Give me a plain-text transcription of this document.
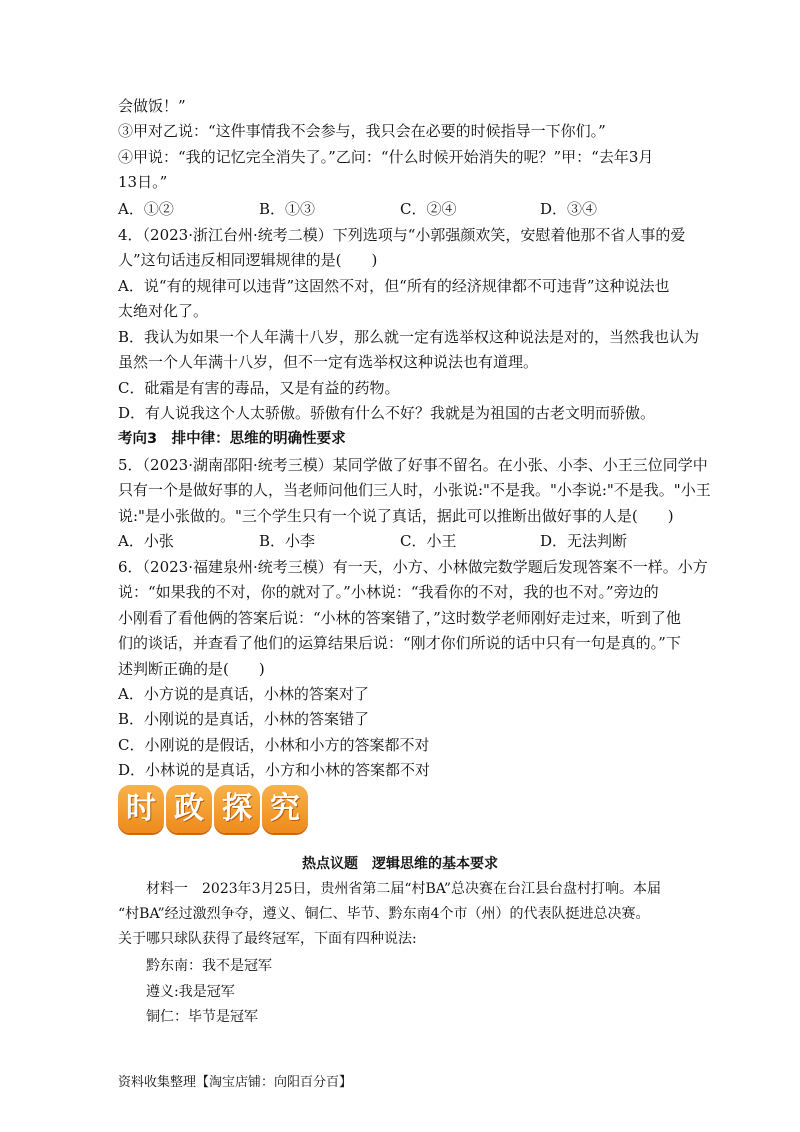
会做饭！”
③甲对乙说：“这件事情我不会参与，我只会在必要的时候指导一下你们。”
④甲说：“我的记忆完全消失了。”乙问：“什么时候开始消失的呢？”甲：“去年3月
13日。”
A．①②	B．①③	C．②④	D．③④
4．（2023·浙江台州·统考二模）下列选项与“小郭强颜欢笑，安慰着他那不省人事的爱
人”这句话违反相同逻辑规律的是(　　)
A．说“有的规律可以违背”这固然不对，但“所有的经济规律都不可违背”这种说法也
太绝对化了。
B．我认为如果一个人年满十八岁，那么就一定有选举权这种说法是对的，当然我也认为
虽然一个人年满十八岁，但不一定有选举权这种说法也有道理。
C．砒霜是有害的毒品，又是有益的药物。
D．有人说我这个人太骄傲。骄傲有什么不好？我就是为祖国的古老文明而骄傲。
考向3　排中律：思维的明确性要求
5．（2023·湖南邵阳·统考三模）某同学做了好事不留名。在小张、小李、小王三位同学中
只有一个是做好事的人，当老师问他们三人时，小张说:"不是我。"小李说:"不是我。"小王
说:"是小张做的。"三个学生只有一个说了真话，据此可以推断出做好事的人是(　　)
A．小张	B．小李	C．小王	D．无法判断
6．（2023·福建泉州·统考三模）有一天，小方、小林做完数学题后发现答案不一样。小方
说：“如果我的不对，你的就对了。”小林说：“我看你的不对，我的也不对。”旁边的
小刚看了看他俩的答案后说：“小林的答案错了，”这时数学老师刚好走过来，听到了他
们的谈话，并查看了他们的运算结果后说：“刚才你们所说的话中只有一句是真的。”下
述判断正确的是(　　)
A．小方说的是真话，小林的答案对了
B．小刚说的是真话，小林的答案错了
C．小刚说的是假话，小林和小方的答案都不对
D．小林说的是真话，小方和小林的答案都不对
时 政 探 究
热点议题　逻辑思维的基本要求
材料一　2023年3月25日，贵州省第二届“村BA”总决赛在台江县台盘村打响。本届
“村BA”经过激烈争夺，遵义、铜仁、毕节、黔东南4个市（州）的代表队挺进总决赛。
关于哪只球队获得了最终冠军，下面有四种说法:
黔东南：我不是冠军
遵义:我是冠军
铜仁：毕节是冠军
资料收集整理【淘宝店铺：向阳百分百】
